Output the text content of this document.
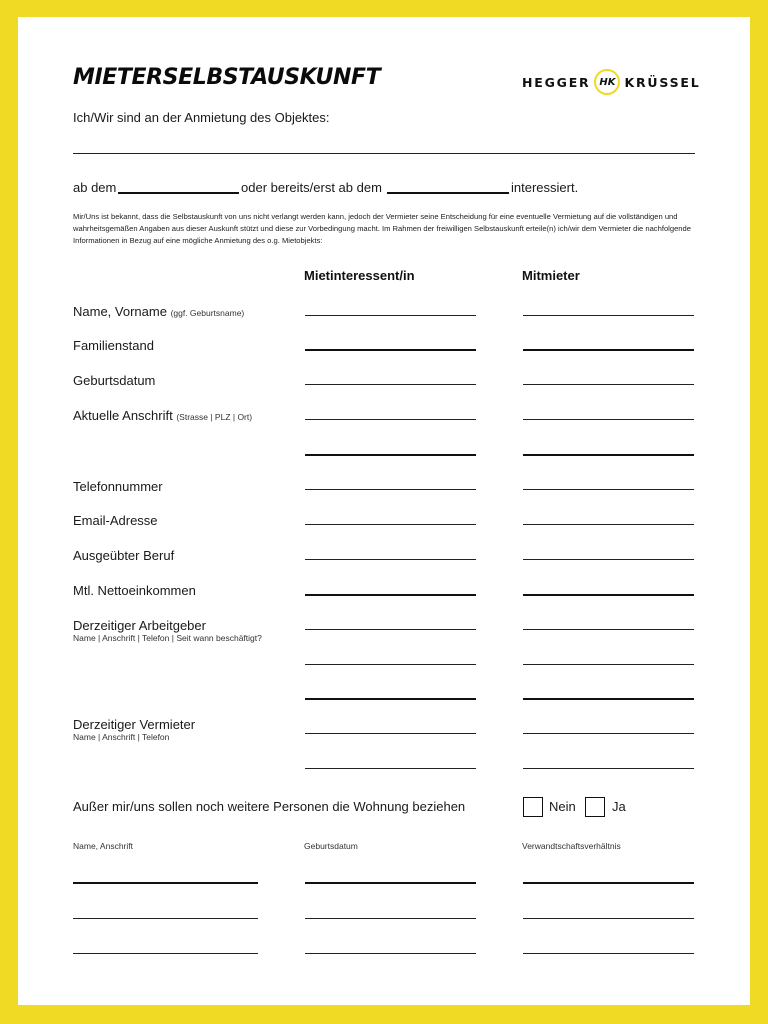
MIETERSELBSTAUSKUNFT	HEGGER HK KRÜSSEL
Ich/Wir sind an der Anmietung des Objektes:
ab dem	oder bereits/erst ab dem	interessiert.
Mir/Uns ist bekannt, dass die Selbstauskunft von uns nicht verlangt werden kann, jedoch der Vermieter seine Entscheidung für eine eventuelle Vermietung auf die vollständigen und wahrheitsgemäßen Angaben aus dieser Auskunft stützt und diese zur Vorbedingung macht. Im Rahmen der freiwilligen Selbstauskunft erteile(n) ich/wir dem Vermieter die nachfolgende Informationen in Bezug auf eine mögliche Anmietung des o.g. Mietobjekts:
Mietinteressent/in	Mitmieter
Name, Vorname (ggf. Geburtsname)
Familienstand
Geburtsdatum
Aktuelle Anschrift (Strasse | PLZ | Ort)
Telefonnummer
Email-Adresse
Ausgeübter Beruf
Mtl. Nettoeinkommen
Derzeitiger Arbeitgeber
Name | Anschrift | Telefon | Seit wann beschäftigt?
Derzeitiger Vermieter
Name | Anschrift | Telefon
Außer mir/uns sollen noch weitere Personen die Wohnung beziehen	Nein	Ja
Name, Anschrift	Geburtsdatum	Verwandtschaftsverhältnis
